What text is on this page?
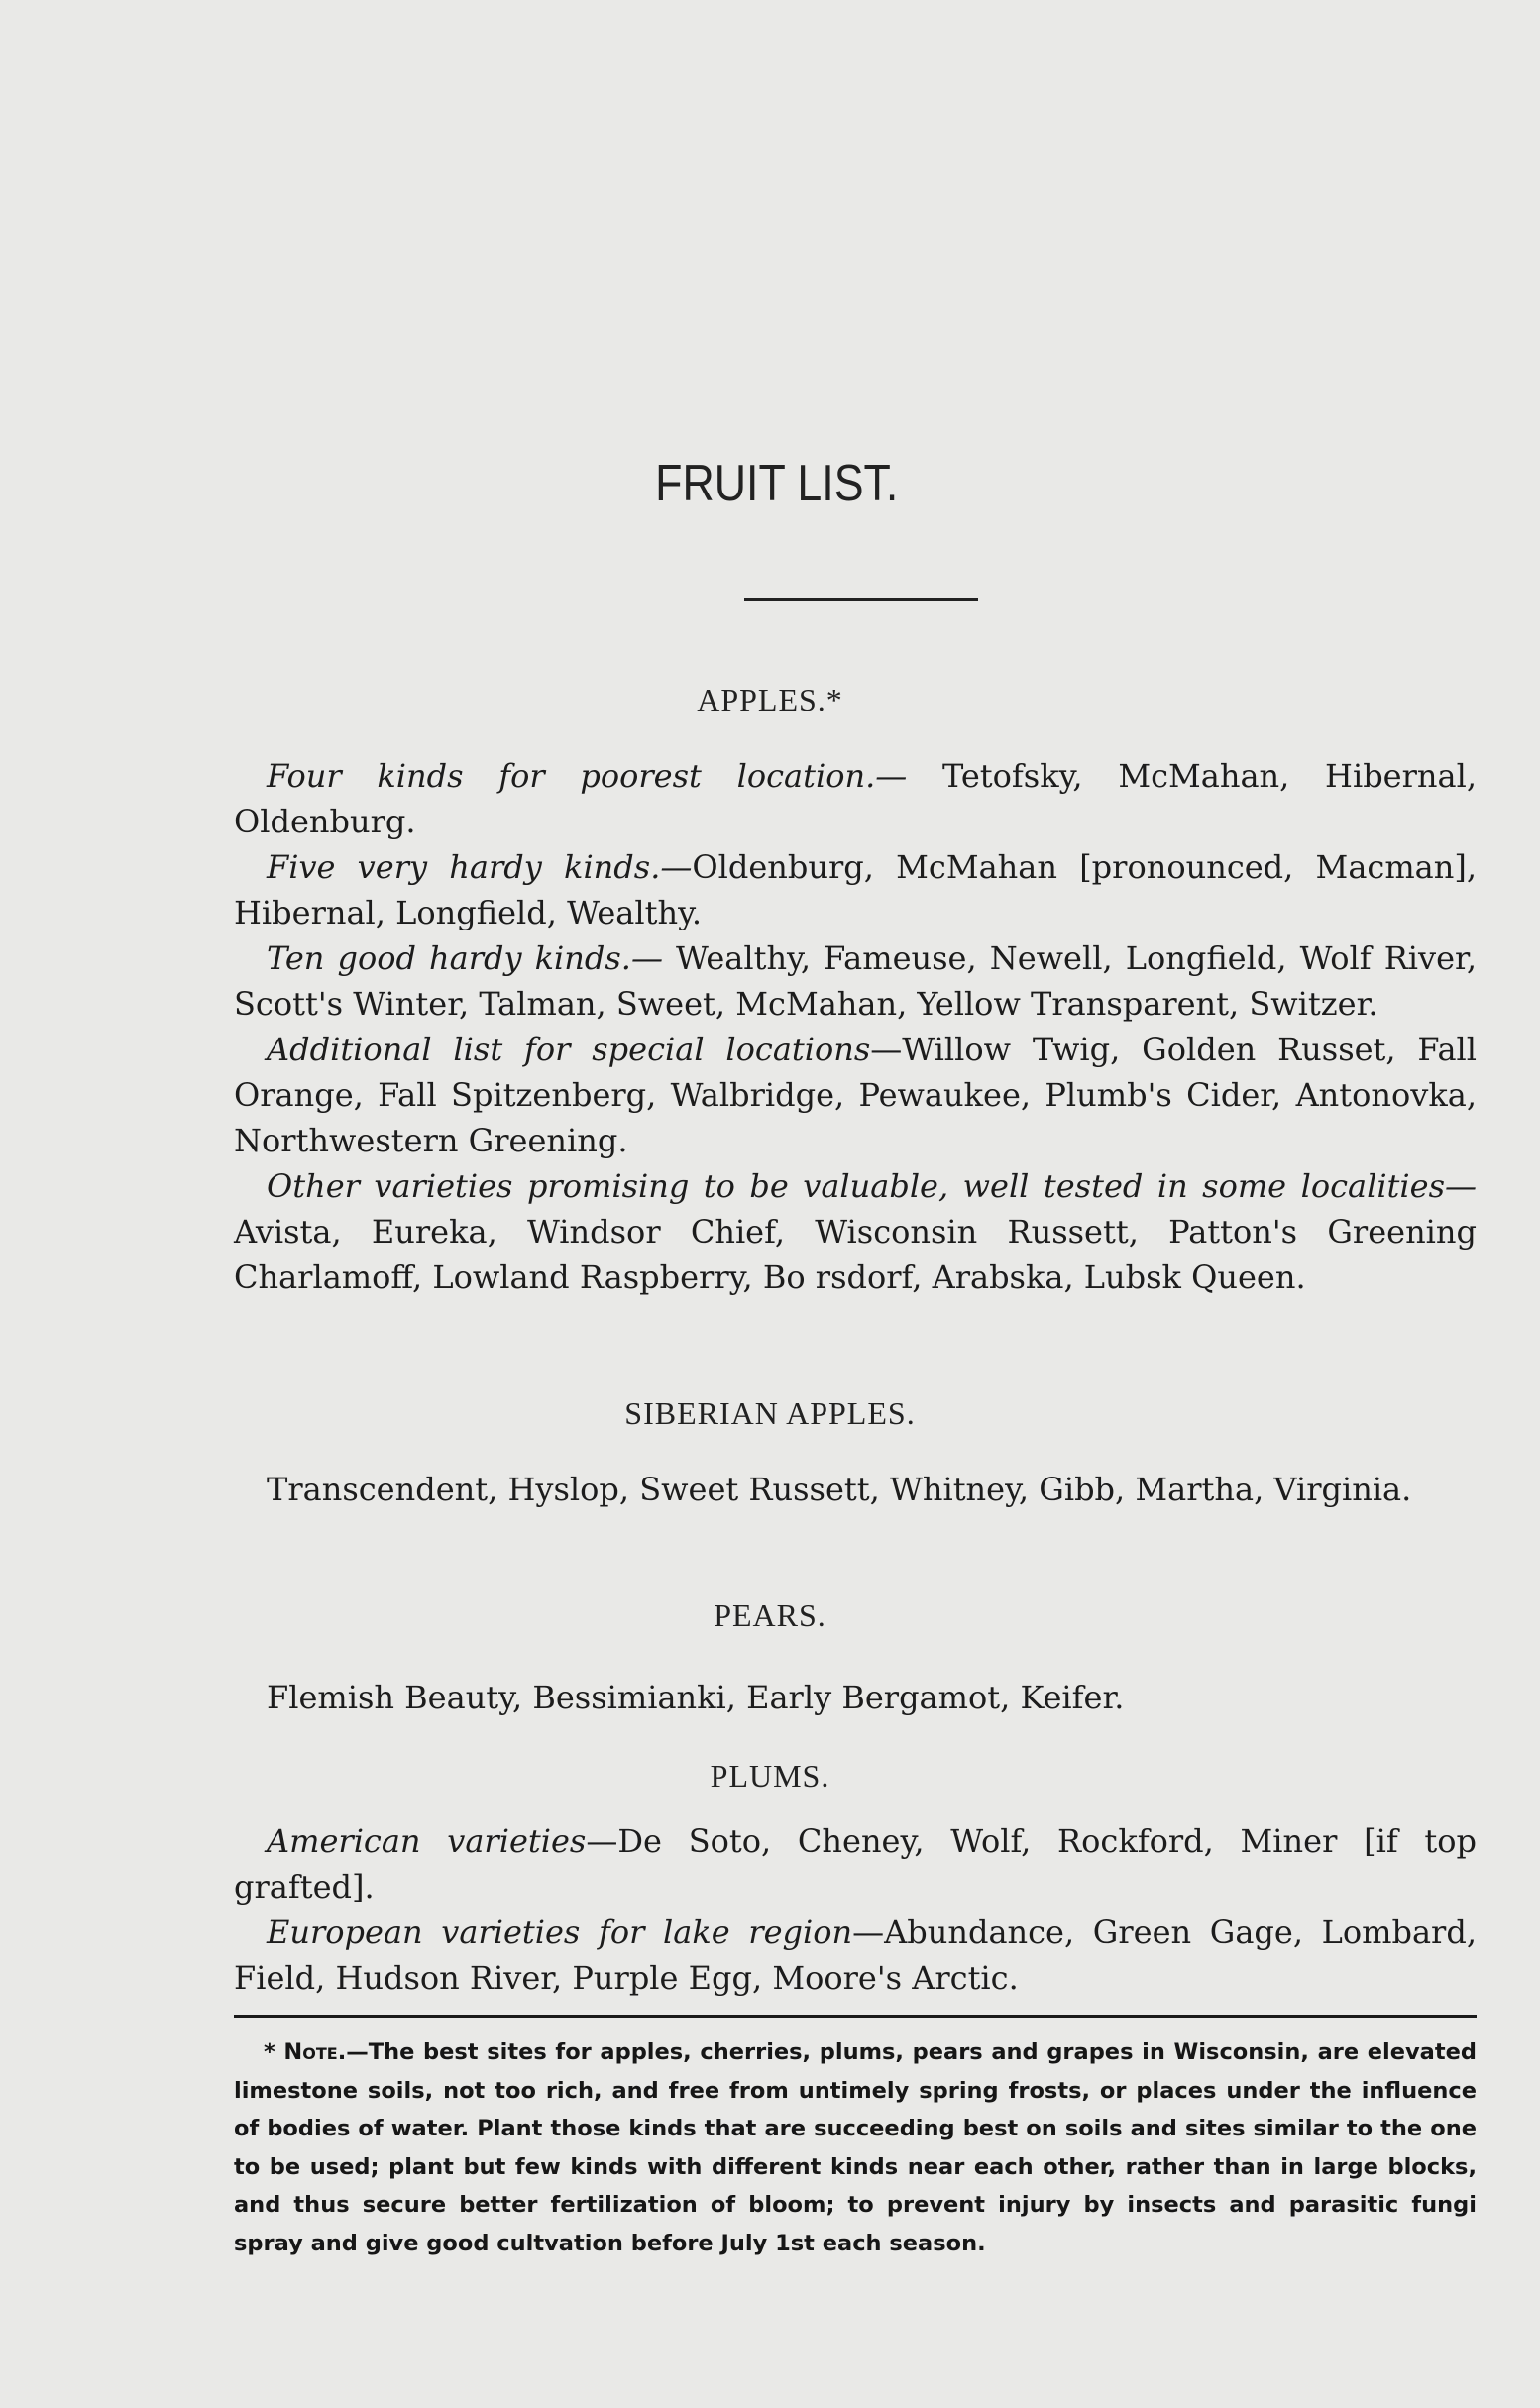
FRUIT LIST.
APPLES.*

Four kinds for poorest location.— Tetofsky, McMahan, Hibernal, Oldenburg.

Five very hardy kinds.—Oldenburg, McMahan [pronounced, Macman], Hibernal, Longfield, Wealthy.

Ten good hardy kinds.— Wealthy, Fameuse, Newell, Longfield, Wolf River, Scott's Winter, Talman, Sweet, McMahan, Yellow Transparent, Switzer.

Additional list for special locations—Willow Twig, Golden Russet, Fall Orange, Fall Spitzenberg, Walbridge, Pewaukee, Plumb's Cider, Antonovka, Northwestern Greening.

Other varieties promising to be valuable, well tested in some localities— Avista, Eureka, Windsor Chief, Wisconsin Russett, Patton's Greening Charlamoff, Lowland Raspberry, Bo rsdorf, Arabska, Lubsk Queen.

SIBERIAN APPLES.

Transcendent, Hyslop, Sweet Russett, Whitney, Gibb, Martha, Virginia.

PEARS.

Flemish Beauty, Bessimianki, Early Bergamot, Keifer.

PLUMS.

American varieties—De Soto, Cheney, Wolf, Rockford, Miner [if top grafted].

European varieties for lake region—Abundance, Green Gage, Lombard, Field, Hudson River, Purple Egg, Moore's Arctic.

* Note.—The best sites for apples, cherries, plums, pears and grapes in Wisconsin, are elevated limestone soils, not too rich, and free from untimely spring frosts, or places under the influence of bodies of water. Plant those kinds that are succeeding best on soils and sites similar to the one to be used; plant but few kinds with different kinds near each other, rather than in large blocks, and thus secure better fertilization of bloom; to prevent injury by insects and parasitic fungi spray and give good cultvation before July 1st each season.
